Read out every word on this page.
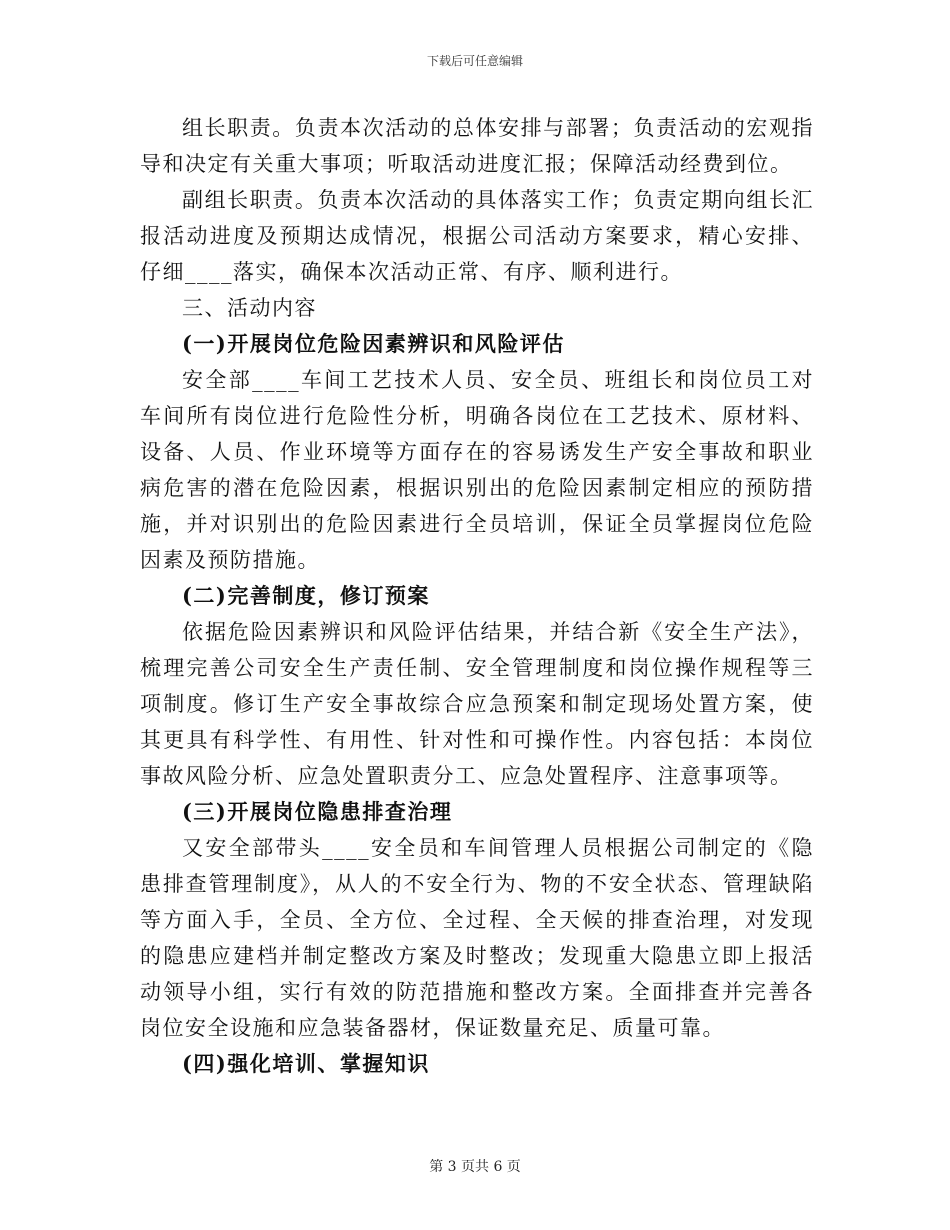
下载后可任意编辑

组长职责。负责本次活动的总体安排与部署；负责活动的宏观指导和决定有关重大事项；听取活动进度汇报；保障活动经费到位。

副组长职责。负责本次活动的具体落实工作；负责定期向组长汇报活动进度及预期达成情况，根据公司活动方案要求，精心安排、仔细____落实，确保本次活动正常、有序、顺利进行。

三、活动内容

(一)开展岗位危险因素辨识和风险评估

安全部____车间工艺技术人员、安全员、班组长和岗位员工对车间所有岗位进行危险性分析，明确各岗位在工艺技术、原材料、设备、人员、作业环境等方面存在的容易诱发生产安全事故和职业病危害的潜在危险因素，根据识别出的危险因素制定相应的预防措施，并对识别出的危险因素进行全员培训，保证全员掌握岗位危险因素及预防措施。

(二)完善制度，修订预案

依据危险因素辨识和风险评估结果，并结合新《安全生产法》，梳理完善公司安全生产责任制、安全管理制度和岗位操作规程等三项制度。修订生产安全事故综合应急预案和制定现场处置方案，使其更具有科学性、有用性、针对性和可操作性。内容包括：本岗位事故风险分析、应急处置职责分工、应急处置程序、注意事项等。

(三)开展岗位隐患排查治理

又安全部带头____安全员和车间管理人员根据公司制定的《隐患排查管理制度》，从人的不安全行为、物的不安全状态、管理缺陷等方面入手，全员、全方位、全过程、全天候的排查治理，对发现的隐患应建档并制定整改方案及时整改；发现重大隐患立即上报活动领导小组，实行有效的防范措施和整改方案。全面排查并完善各岗位安全设施和应急装备器材，保证数量充足、质量可靠。

(四)强化培训、掌握知识

第 3 页共 6 页
